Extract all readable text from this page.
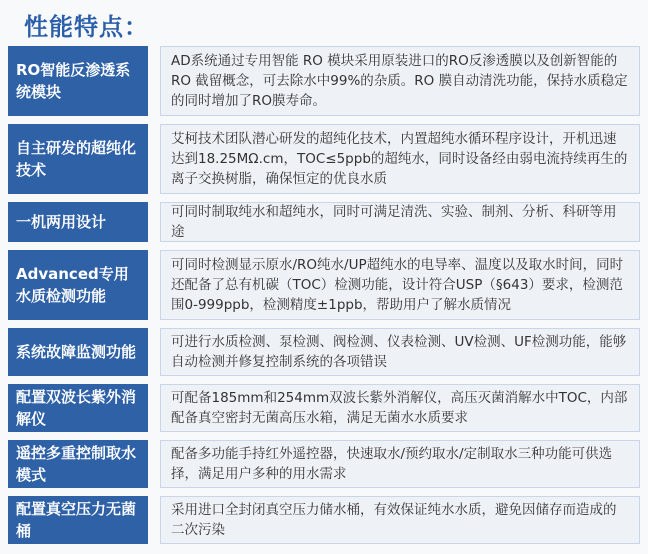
性能特点：
RO智能反渗透系统模块
AD系统通过专用智能 RO 模块采用原装进口的RO反渗透膜以及创新智能的 RO 截留概念，可去除水中99%的杂质。RO 膜自动清洗功能，保持水质稳定的同时增加了RO膜寿命。
自主研发的超纯化技术
艾柯技术团队潜心研发的超纯化技术，内置超纯水循环程序设计，开机迅速达到18.25MΩ.cm，TOC≤5ppb的超纯水，同时设备经由弱电流持续再生的离子交换树脂，确保恒定的优良水质
一机两用设计
可同时制取纯水和超纯水，同时可满足清洗、实验、制剂、分析、科研等用途
Advanced专用水质检测功能
可同时检测显示原水/RO纯水/UP超纯水的电导率、温度以及取水时间，同时还配备了总有机碳（TOC）检测功能，设计符合USP（§643）要求，检测范围0-999ppb，检测精度±1ppb，帮助用户了解水质情况
系统故障监测功能
可进行水质检测、泵检测、阀检测、仪表检测、UV检测、UF检测功能，能够自动检测并修复控制系统的各项错误
配置双波长紫外消解仪
可配备185mm和254mm双波长紫外消解仪，高压灭菌消解水中TOC，内部配备真空密封无菌高压水箱，满足无菌水水质要求
遥控多重控制取水模式
配备多功能手持红外遥控器，快速取水/预约取水/定制取水三种功能可供选择，满足用户多种的用水需求
配置真空压力无菌桶
采用进口全封闭真空压力储水桶，有效保证纯水水质，避免因储存而造成的二次污染
